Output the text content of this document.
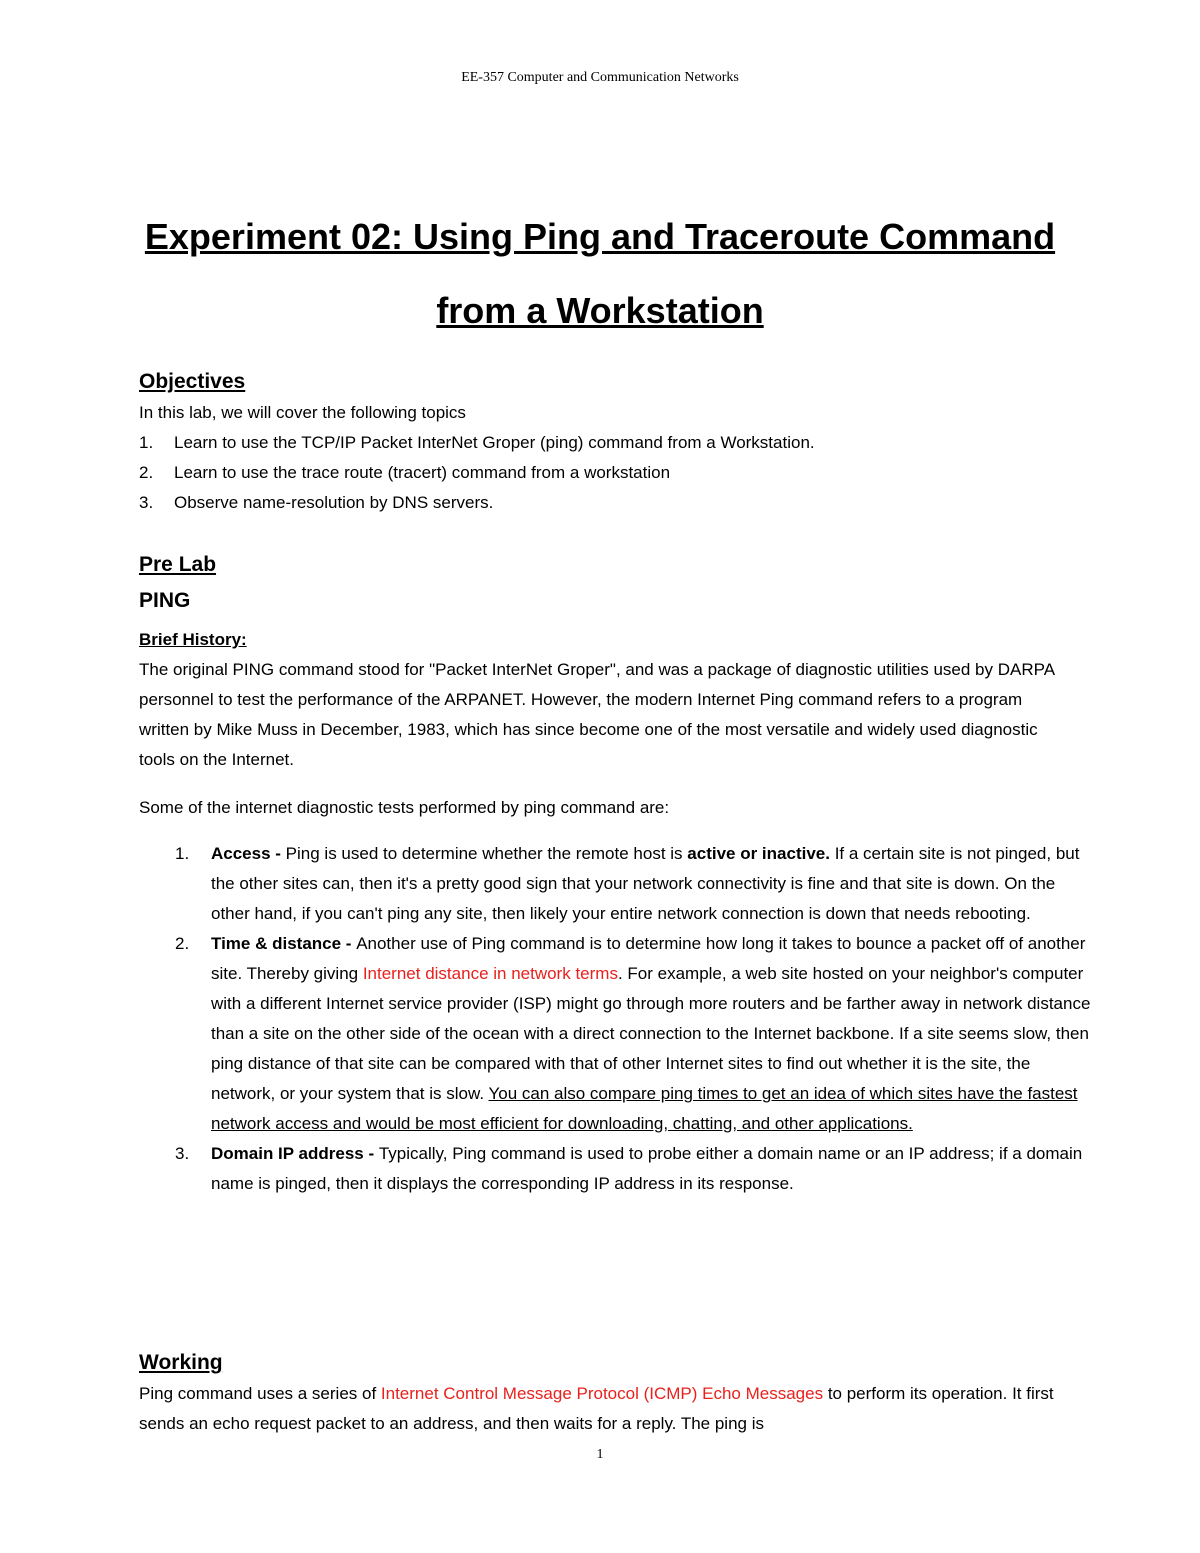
EE-357 Computer and Communication Networks
Experiment 02: Using Ping and Traceroute Command
from a Workstation
Objectives
In this lab, we will cover the following topics
1. Learn to use the TCP/IP Packet InterNet Groper (ping) command from a Workstation.
2. Learn to use the trace route (tracert) command from a workstation
3. Observe name-resolution by DNS servers.
Pre Lab
PING
Brief History:
The original PING command stood for "Packet InterNet Groper", and was a package of diagnostic utilities used by DARPA personnel to test the performance of the ARPANET. However, the modern Internet Ping command refers to a program written by Mike Muss in December, 1983, which has since become one of the most versatile and widely used diagnostic tools on the Internet.
Some of the internet diagnostic tests performed by ping command are:
1. Access - Ping is used to determine whether the remote host is active or inactive. If a certain site is not pinged, but the other sites can, then it's a pretty good sign that your network connectivity is fine and that site is down. On the other hand, if you can't ping any site, then likely your entire network connection is down that needs rebooting.
2. Time & distance - Another use of Ping command is to determine how long it takes to bounce a packet off of another site. Thereby giving Internet distance in network terms. For example, a web site hosted on your neighbor's computer with a different Internet service provider (ISP) might go through more routers and be farther away in network distance than a site on the other side of the ocean with a direct connection to the Internet backbone. If a site seems slow, then ping distance of that site can be compared with that of other Internet sites to find out whether it is the site, the network, or your system that is slow. You can also compare ping times to get an idea of which sites have the fastest network access and would be most efficient for downloading, chatting, and other applications.
3. Domain IP address - Typically, Ping command is used to probe either a domain name or an IP address; if a domain name is pinged, then it displays the corresponding IP address in its response.
Working
Ping command uses a series of Internet Control Message Protocol (ICMP) Echo Messages to perform its operation. It first sends an echo request packet to an address, and then waits for a reply. The ping is
1
